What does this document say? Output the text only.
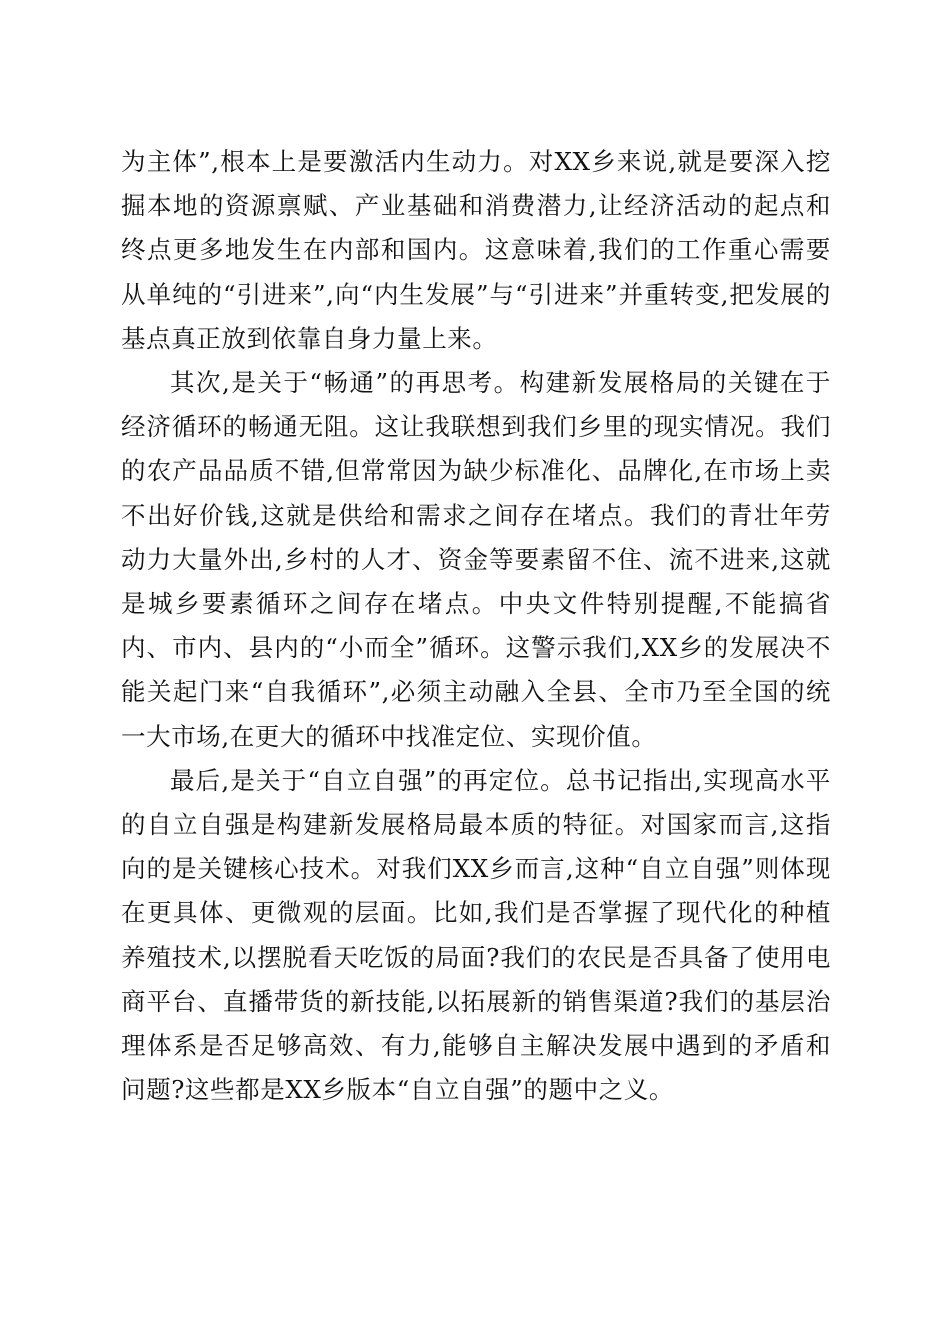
为主体”,根本上是要激活内生动力。对XX乡来说,就是要深入挖掘本地的资源禀赋、产业基础和消费潜力,让经济活动的起点和终点更多地发生在内部和国内。这意味着,我们的工作重心需要从单纯的“引进来”,向“内生发展”与“引进来”并重转变,把发展的基点真正放到依靠自身力量上来。

其次,是关于“畅通”的再思考。构建新发展格局的关键在于经济循环的畅通无阻。这让我联想到我们乡里的现实情况。我们的农产品品质不错,但常常因为缺少标准化、品牌化,在市场上卖不出好价钱,这就是供给和需求之间存在堵点。我们的青壮年劳动力大量外出,乡村的人才、资金等要素留不住、流不进来,这就是城乡要素循环之间存在堵点。中央文件特别提醒,不能搞省内、市内、县内的“小而全”循环。这警示我们,XX乡的发展决不能关起门来“自我循环”,必须主动融入全县、全市乃至全国的统一大市场,在更大的循环中找准定位、实现价值。

最后,是关于“自立自强”的再定位。总书记指出,实现高水平的自立自强是构建新发展格局最本质的特征。对国家而言,这指向的是关键核心技术。对我们XX乡而言,这种“自立自强”则体现在更具体、更微观的层面。比如,我们是否掌握了现代化的种植养殖技术,以摆脱看天吃饭的局面?我们的农民是否具备了使用电商平台、直播带货的新技能,以拓展新的销售渠道?我们的基层治理体系是否足够高效、有力,能够自主解决发展中遇到的矛盾和问题?这些都是XX乡版本“自立自强”的题中之义。
